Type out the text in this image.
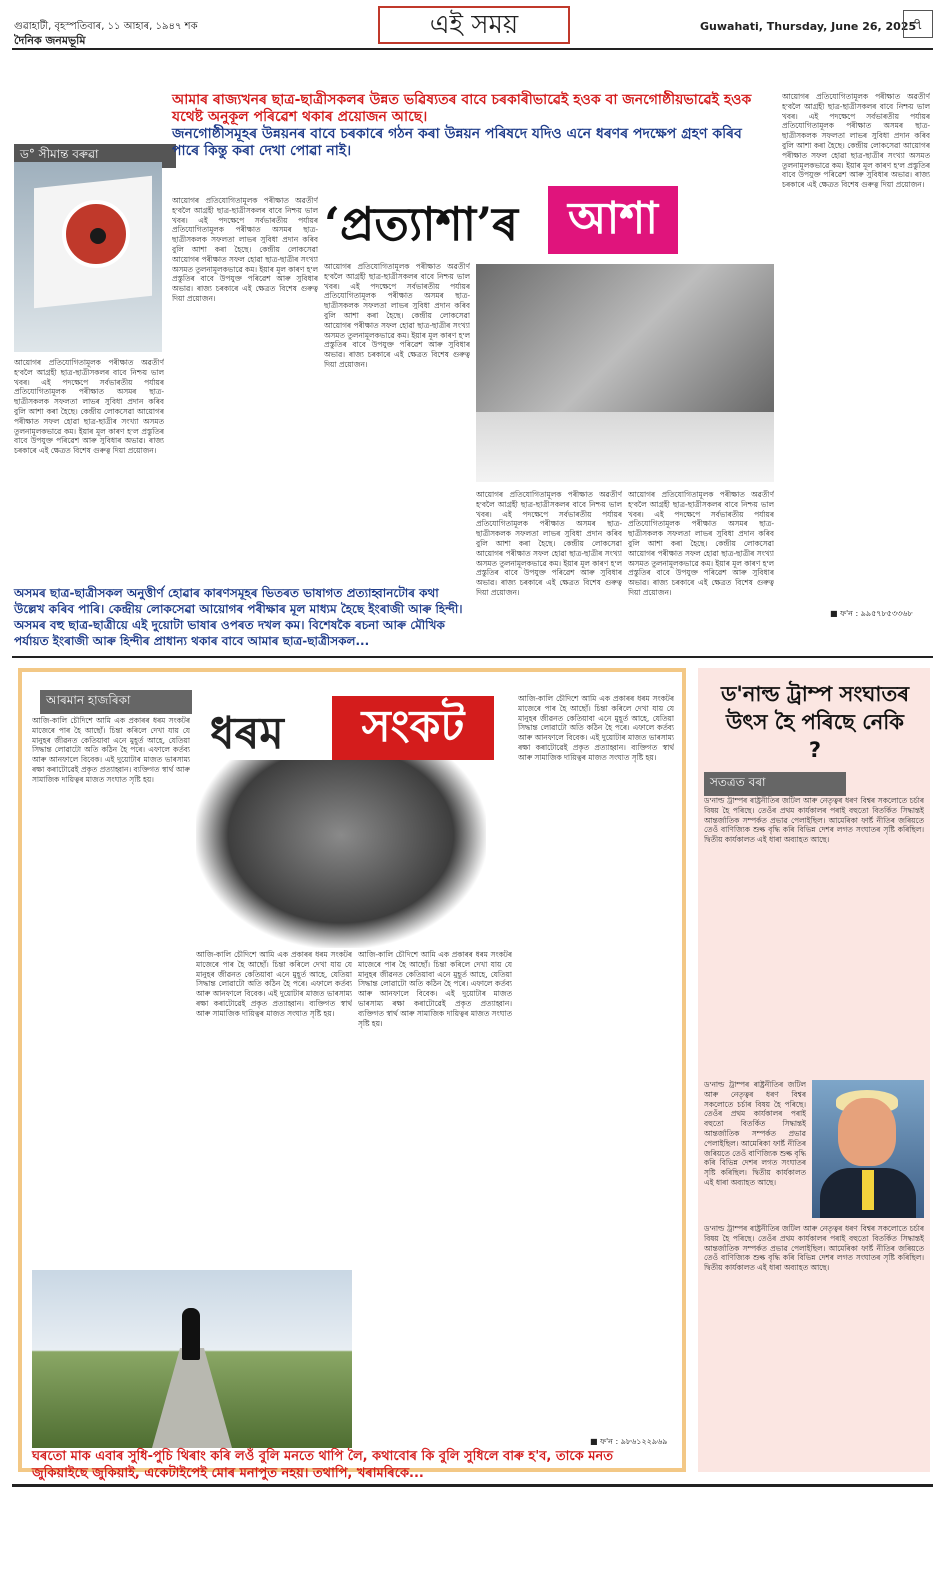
গুৱাহাটী, বৃহস্পতিবাৰ, ১১ আহাৰ, ১৯৪৭ শক
দৈনিক জনমভূমি
এই সময়	Guwahati, Thursday, June 26, 2025
৭
ড° সীমান্ত বৰুৱা
আমাৰ ৰাজ্যখনৰ ছাত্ৰ-ছাত্ৰীসকলৰ উন্নত ভৱিষ্যতৰ বাবে চৰকাৰীভাৱেই হওক বা জনগোষ্ঠীয়ভাৱেই হওক যথেষ্ট অনুকূল পৰিৱেশ থকাৰ প্ৰয়োজন আছে।
জনগোষ্ঠীসমূহৰ উন্নয়নৰ বাবে চৰকাৰে গঠন কৰা উন্নয়ন পৰিষদে যদিও এনে ধৰণৰ পদক্ষেপ গ্ৰহণ কৰিব পাৰে কিন্তু কৰা দেখা পোৱা নাই।
‘প্ৰত্যাশা’ৰ	আশা
আয়োগৰ প্ৰতিযোগিতামূলক পৰীক্ষাত অৱতীৰ্ণ হ'বলৈ আগ্ৰহী ছাত্ৰ-ছাত্ৰীসকলৰ বাবে নিশ্চয় ভাল খবৰ। এই পদক্ষেপে সৰ্বভাৰতীয় পৰ্যায়ৰ প্ৰতিযোগিতামূলক পৰীক্ষাত অসমৰ ছাত্ৰ-ছাত্ৰীসকলক সফলতা লাভৰ সুবিধা প্ৰদান কৰিব বুলি আশা কৰা হৈছে। কেন্দ্ৰীয় লোকসেৱা আয়োগৰ পৰীক্ষাত সফল হোৱা ছাত্ৰ-ছাত্ৰীৰ সংখ্যা অসমত তুলনামূলকভাৱে কম। ইয়াৰ মূল কাৰণ হ'ল প্ৰস্তুতিৰ বাবে উপযুক্ত পৰিৱেশ আৰু সুবিধাৰ অভাৱ। ৰাজ্য চৰকাৰে এই ক্ষেত্ৰত বিশেষ গুৰুত্ব দিয়া প্ৰয়োজন।
আয়োগৰ প্ৰতিযোগিতামূলক পৰীক্ষাত অৱতীৰ্ণ হ'বলৈ আগ্ৰহী ছাত্ৰ-ছাত্ৰীসকলৰ বাবে নিশ্চয় ভাল খবৰ। এই পদক্ষেপে সৰ্বভাৰতীয় পৰ্যায়ৰ প্ৰতিযোগিতামূলক পৰীক্ষাত অসমৰ ছাত্ৰ-ছাত্ৰীসকলক সফলতা লাভৰ সুবিধা প্ৰদান কৰিব বুলি আশা কৰা হৈছে। কেন্দ্ৰীয় লোকসেৱা আয়োগৰ পৰীক্ষাত সফল হোৱা ছাত্ৰ-ছাত্ৰীৰ সংখ্যা অসমত তুলনামূলকভাৱে কম। ইয়াৰ মূল কাৰণ হ'ল প্ৰস্তুতিৰ বাবে উপযুক্ত পৰিৱেশ আৰু সুবিধাৰ অভাৱ। ৰাজ্য চৰকাৰে এই ক্ষেত্ৰত বিশেষ গুৰুত্ব দিয়া প্ৰয়োজন।
আয়োগৰ প্ৰতিযোগিতামূলক পৰীক্ষাত অৱতীৰ্ণ হ'বলৈ আগ্ৰহী ছাত্ৰ-ছাত্ৰীসকলৰ বাবে নিশ্চয় ভাল খবৰ। এই পদক্ষেপে সৰ্বভাৰতীয় পৰ্যায়ৰ প্ৰতিযোগিতামূলক পৰীক্ষাত অসমৰ ছাত্ৰ-ছাত্ৰীসকলক সফলতা লাভৰ সুবিধা প্ৰদান কৰিব বুলি আশা কৰা হৈছে। কেন্দ্ৰীয় লোকসেৱা আয়োগৰ পৰীক্ষাত সফল হোৱা ছাত্ৰ-ছাত্ৰীৰ সংখ্যা অসমত তুলনামূলকভাৱে কম। ইয়াৰ মূল কাৰণ হ'ল প্ৰস্তুতিৰ বাবে উপযুক্ত পৰিৱেশ আৰু সুবিধাৰ অভাৱ। ৰাজ্য চৰকাৰে এই ক্ষেত্ৰত বিশেষ গুৰুত্ব দিয়া প্ৰয়োজন।
আয়োগৰ প্ৰতিযোগিতামূলক পৰীক্ষাত অৱতীৰ্ণ হ'বলৈ আগ্ৰহী ছাত্ৰ-ছাত্ৰীসকলৰ বাবে নিশ্চয় ভাল খবৰ। এই পদক্ষেপে সৰ্বভাৰতীয় পৰ্যায়ৰ প্ৰতিযোগিতামূলক পৰীক্ষাত অসমৰ ছাত্ৰ-ছাত্ৰীসকলক সফলতা লাভৰ সুবিধা প্ৰদান কৰিব বুলি আশা কৰা হৈছে। কেন্দ্ৰীয় লোকসেৱা আয়োগৰ পৰীক্ষাত সফল হোৱা ছাত্ৰ-ছাত্ৰীৰ সংখ্যা অসমত তুলনামূলকভাৱে কম। ইয়াৰ মূল কাৰণ হ'ল প্ৰস্তুতিৰ বাবে উপযুক্ত পৰিৱেশ আৰু সুবিধাৰ অভাৱ। ৰাজ্য চৰকাৰে এই ক্ষেত্ৰত বিশেষ গুৰুত্ব দিয়া প্ৰয়োজন।
আয়োগৰ প্ৰতিযোগিতামূলক পৰীক্ষাত অৱতীৰ্ণ হ'বলৈ আগ্ৰহী ছাত্ৰ-ছাত্ৰীসকলৰ বাবে নিশ্চয় ভাল খবৰ। এই পদক্ষেপে সৰ্বভাৰতীয় পৰ্যায়ৰ প্ৰতিযোগিতামূলক পৰীক্ষাত অসমৰ ছাত্ৰ-ছাত্ৰীসকলক সফলতা লাভৰ সুবিধা প্ৰদান কৰিব বুলি আশা কৰা হৈছে। কেন্দ্ৰীয় লোকসেৱা আয়োগৰ পৰীক্ষাত সফল হোৱা ছাত্ৰ-ছাত্ৰীৰ সংখ্যা অসমত তুলনামূলকভাৱে কম। ইয়াৰ মূল কাৰণ হ'ল প্ৰস্তুতিৰ বাবে উপযুক্ত পৰিৱেশ আৰু সুবিধাৰ অভাৱ। ৰাজ্য চৰকাৰে এই ক্ষেত্ৰত বিশেষ গুৰুত্ব দিয়া প্ৰয়োজন।
আয়োগৰ প্ৰতিযোগিতামূলক পৰীক্ষাত অৱতীৰ্ণ হ'বলৈ আগ্ৰহী ছাত্ৰ-ছাত্ৰীসকলৰ বাবে নিশ্চয় ভাল খবৰ। এই পদক্ষেপে সৰ্বভাৰতীয় পৰ্যায়ৰ প্ৰতিযোগিতামূলক পৰীক্ষাত অসমৰ ছাত্ৰ-ছাত্ৰীসকলক সফলতা লাভৰ সুবিধা প্ৰদান কৰিব বুলি আশা কৰা হৈছে। কেন্দ্ৰীয় লোকসেৱা আয়োগৰ পৰীক্ষাত সফল হোৱা ছাত্ৰ-ছাত্ৰীৰ সংখ্যা অসমত তুলনামূলকভাৱে কম। ইয়াৰ মূল কাৰণ হ'ল প্ৰস্তুতিৰ বাবে উপযুক্ত পৰিৱেশ আৰু সুবিধাৰ অভাৱ। ৰাজ্য চৰকাৰে এই ক্ষেত্ৰত বিশেষ গুৰুত্ব দিয়া প্ৰয়োজন।
■ ফ'ন : ৯৯৫৭৮৫৩৩৬৮
অসমৰ ছাত্ৰ-ছাত্ৰীসকল অনুত্তীৰ্ণ হোৱাৰ কাৰণসমূহৰ ভিতৰত ভাষাগত প্ৰত্যাহ্বানটোৰ কথা উল্লেখ কৰিব পাৰি। কেন্দ্ৰীয় লোকসেৱা আয়োগৰ পৰীক্ষাৰ মূল মাধ্যম হৈছে ইংৰাজী আৰু হিন্দী। অসমৰ বহু ছাত্ৰ-ছাত্ৰীয়ে এই দুয়োটা ভাষাৰ ওপৰত দখল কম। বিশেষকৈ ৰচনা আৰু মৌখিক পৰ্যায়ত ইংৰাজী আৰু হিন্দীৰ প্ৰাধান্য থকাৰ বাবে আমাৰ ছাত্ৰ-ছাত্ৰীসকল...
আৰমান হাজৰিকা
ধৰম	সংকট
আজি-কালি চৌদিশে আমি এক প্ৰকাৰৰ ধৰম সংকটৰ মাজেৰে পাৰ হৈ আছোঁ। চিন্তা কৰিলে দেখা যায় যে মানুহৰ জীৱনত কেতিয়াবা এনে মুহূৰ্ত আহে, যেতিয়া সিদ্ধান্ত লোৱাটো অতি কঠিন হৈ পৰে। এফালে কৰ্তব্য আৰু আনফালে বিবেক। এই দুয়োটাৰ মাজত ভাৰসাম্য ৰক্ষা কৰাটোৱেই প্ৰকৃত প্ৰত্যাহ্বান। ব্যক্তিগত স্বাৰ্থ আৰু সামাজিক দায়িত্বৰ মাজত সংঘাত সৃষ্টি হয়।
আজি-কালি চৌদিশে আমি এক প্ৰকাৰৰ ধৰম সংকটৰ মাজেৰে পাৰ হৈ আছোঁ। চিন্তা কৰিলে দেখা যায় যে মানুহৰ জীৱনত কেতিয়াবা এনে মুহূৰ্ত আহে, যেতিয়া সিদ্ধান্ত লোৱাটো অতি কঠিন হৈ পৰে। এফালে কৰ্তব্য আৰু আনফালে বিবেক। এই দুয়োটাৰ মাজত ভাৰসাম্য ৰক্ষা কৰাটোৱেই প্ৰকৃত প্ৰত্যাহ্বান। ব্যক্তিগত স্বাৰ্থ আৰু সামাজিক দায়িত্বৰ মাজত সংঘাত সৃষ্টি হয়।
আজি-কালি চৌদিশে আমি এক প্ৰকাৰৰ ধৰম সংকটৰ মাজেৰে পাৰ হৈ আছোঁ। চিন্তা কৰিলে দেখা যায় যে মানুহৰ জীৱনত কেতিয়াবা এনে মুহূৰ্ত আহে, যেতিয়া সিদ্ধান্ত লোৱাটো অতি কঠিন হৈ পৰে। এফালে কৰ্তব্য আৰু আনফালে বিবেক। এই দুয়োটাৰ মাজত ভাৰসাম্য ৰক্ষা কৰাটোৱেই প্ৰকৃত প্ৰত্যাহ্বান। ব্যক্তিগত স্বাৰ্থ আৰু সামাজিক দায়িত্বৰ মাজত সংঘাত সৃষ্টি হয়।
আজি-কালি চৌদিশে আমি এক প্ৰকাৰৰ ধৰম সংকটৰ মাজেৰে পাৰ হৈ আছোঁ। চিন্তা কৰিলে দেখা যায় যে মানুহৰ জীৱনত কেতিয়াবা এনে মুহূৰ্ত আহে, যেতিয়া সিদ্ধান্ত লোৱাটো অতি কঠিন হৈ পৰে। এফালে কৰ্তব্য আৰু আনফালে বিবেক। এই দুয়োটাৰ মাজত ভাৰসাম্য ৰক্ষা কৰাটোৱেই প্ৰকৃত প্ৰত্যাহ্বান। ব্যক্তিগত স্বাৰ্থ আৰু সামাজিক দায়িত্বৰ মাজত সংঘাত সৃষ্টি হয়।
ঘৰতো মাক এবাৰ সুধি-পুচি থিৰাং কৰি লওঁ বুলি মনতে থাপি লৈ, কথাবোৰ কি বুলি সুধিলে বাৰু হ'ব, তাকে মনত জুকিয়াইছে জুকিয়াই, একেটাইপেই মোৰ মনাপুত নহয়। তথাপি, খৰামৰিকে...
■ ফ'ন : ৯৮৬১২২৯৬৯
ড'নাল্ড ট্ৰাম্প সংঘাতৰ উৎস হৈ পৰিছে নেকি ?
সতত্ৰত বৰা
ড'নাল্ড ট্ৰাম্পৰ ৰাষ্ট্ৰনীতিৰ জটিল আৰু নেতৃত্বৰ ধৰণ বিশ্বৰ সকলোতে চৰ্চাৰ বিষয় হৈ পৰিছে। তেওঁৰ প্ৰথম কাৰ্যকালৰ পৰাই বহুতো বিতৰ্কিত সিদ্ধান্তই আন্তৰ্জাতিক সম্পৰ্কত প্ৰভাৱ পেলাইছিল। আমেৰিকা ফাৰ্ষ্ট নীতিৰ জৰিয়তে তেওঁ বাণিজ্যিক শুল্ক বৃদ্ধি কৰি বিভিন্ন দেশৰ লগত সংঘাতৰ সৃষ্টি কৰিছিল। দ্বিতীয় কাৰ্যকালত এই ধাৰা অব্যাহত আছে।
ড'নাল্ড ট্ৰাম্পৰ ৰাষ্ট্ৰনীতিৰ জটিল আৰু নেতৃত্বৰ ধৰণ বিশ্বৰ সকলোতে চৰ্চাৰ বিষয় হৈ পৰিছে। তেওঁৰ প্ৰথম কাৰ্যকালৰ পৰাই বহুতো বিতৰ্কিত সিদ্ধান্তই আন্তৰ্জাতিক সম্পৰ্কত প্ৰভাৱ পেলাইছিল। আমেৰিকা ফাৰ্ষ্ট নীতিৰ জৰিয়তে তেওঁ বাণিজ্যিক শুল্ক বৃদ্ধি কৰি বিভিন্ন দেশৰ লগত সংঘাতৰ সৃষ্টি কৰিছিল। দ্বিতীয় কাৰ্যকালত এই ধাৰা অব্যাহত আছে।
ড'নাল্ড ট্ৰাম্পৰ ৰাষ্ট্ৰনীতিৰ জটিল আৰু নেতৃত্বৰ ধৰণ বিশ্বৰ সকলোতে চৰ্চাৰ বিষয় হৈ পৰিছে। তেওঁৰ প্ৰথম কাৰ্যকালৰ পৰাই বহুতো বিতৰ্কিত সিদ্ধান্তই আন্তৰ্জাতিক সম্পৰ্কত প্ৰভাৱ পেলাইছিল। আমেৰিকা ফাৰ্ষ্ট নীতিৰ জৰিয়তে তেওঁ বাণিজ্যিক শুল্ক বৃদ্ধি কৰি বিভিন্ন দেশৰ লগত সংঘাতৰ সৃষ্টি কৰিছিল। দ্বিতীয় কাৰ্যকালত এই ধাৰা অব্যাহত আছে।
